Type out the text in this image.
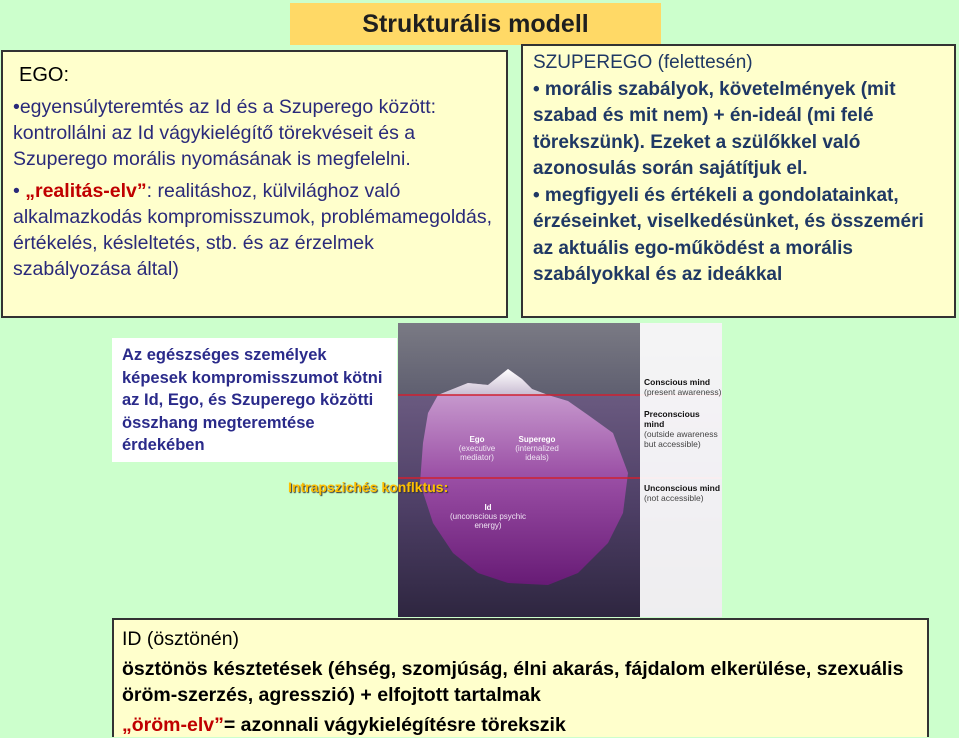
Strukturális modell
EGO:
•egyensúlyteremtés az Id és a Szuperego között: kontrollálni az Id vágykielégítő törekvéseit és a Szuperego morális nyomásának is megfelelni.
• „realitás-elv”: realitáshoz, külvilághoz való alkalmazkodás kompromisszumok, problémamegoldás, értékelés, késleltetés, stb. és az érzelmek szabályozása által)
SZUPEREGO (felettesén)
• morális szabályok, követelmények (mit szabad és mit nem) + én-ideál (mi felé törekszünk). Ezeket a szülőkkel való azonosulás során sajátítjuk el.
• megfigyeli és értékeli a gondolatainkat, érzéseinket, viselkedésünket, és összeméri az aktuális ego-működést a morális szabályokkal és az ideákkal
Az egészséges személyek képesek kompromisszumot kötni az Id, Ego, és Szuperego közötti összhang megteremtése érdekében	Ego
(executive mediator)
Superego
(internalized ideals)
Id
(unconscious psychic energy)
Conscious mind
(present awareness)
Preconscious mind
(outside awareness but accessible)
Unconscious mind
(not accessible)
Intrapszichés konflktus:
ID (ösztönén)
ösztönös késztetések (éhség, szomjúság, élni akarás, fájdalom elkerülése, szexuális öröm-szerzés, agresszió) + elfojtott tartalmak
„öröm-elv”= azonnali vágykielégítésre törekszik
